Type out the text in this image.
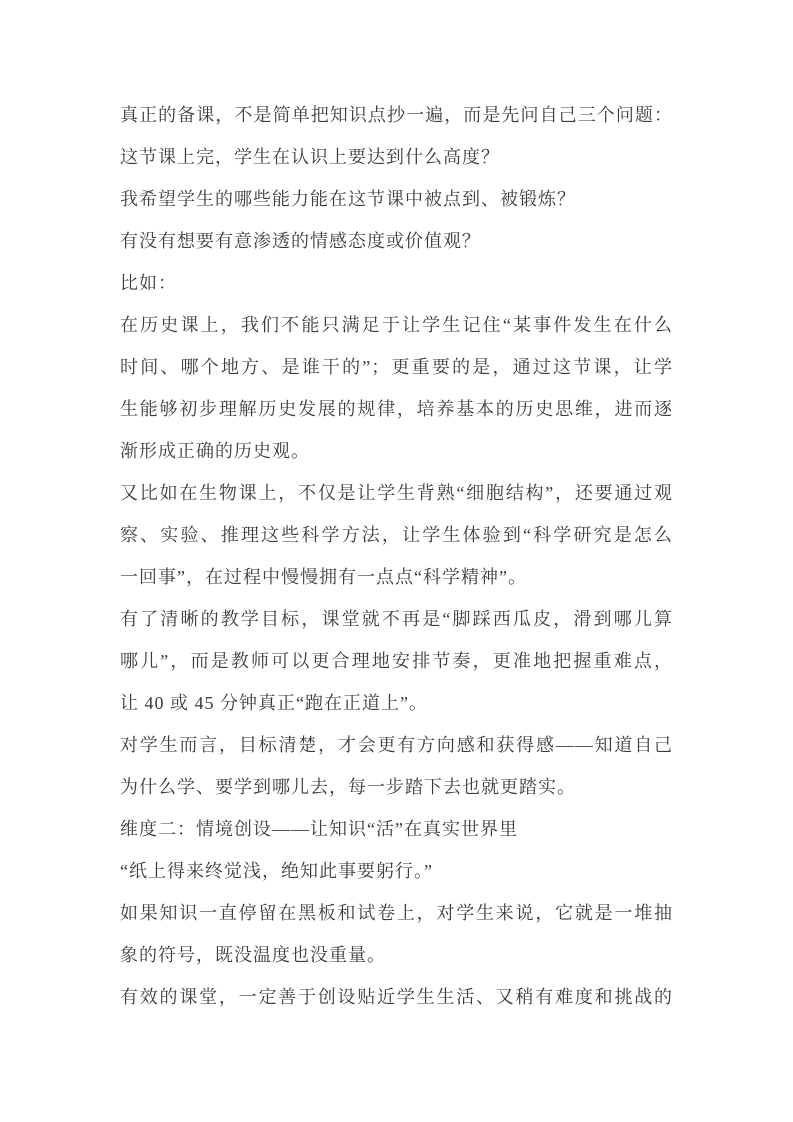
真正的备课，不是简单把知识点抄一遍，而是先问自己三个问题：
这节课上完，学生在认识上要达到什么高度？
我希望学生的哪些能力能在这节课中被点到、被锻炼？
有没有想要有意渗透的情感态度或价值观？
比如：
在历史课上，我们不能只满足于让学生记住“某事件发生在什么
时间、哪个地方、是谁干的”；更重要的是，通过这节课，让学
生能够初步理解历史发展的规律，培养基本的历史思维，进而逐
渐形成正确的历史观。
又比如在生物课上，不仅是让学生背熟“细胞结构”，还要通过观
察、实验、推理这些科学方法，让学生体验到“科学研究是怎么
一回事”，在过程中慢慢拥有一点点“科学精神”。
有了清晰的教学目标，课堂就不再是“脚踩西瓜皮，滑到哪儿算
哪儿”，而是教师可以更合理地安排节奏，更准地把握重难点，
让 40 或 45 分钟真正“跑在正道上”。
对学生而言，目标清楚，才会更有方向感和获得感——知道自己
为什么学、要学到哪儿去，每一步踏下去也就更踏实。
维度二：情境创设——让知识“活”在真实世界里
“纸上得来终觉浅，绝知此事要躬行。”
如果知识一直停留在黑板和试卷上，对学生来说，它就是一堆抽
象的符号，既没温度也没重量。
有效的课堂，一定善于创设贴近学生生活、又稍有难度和挑战的
